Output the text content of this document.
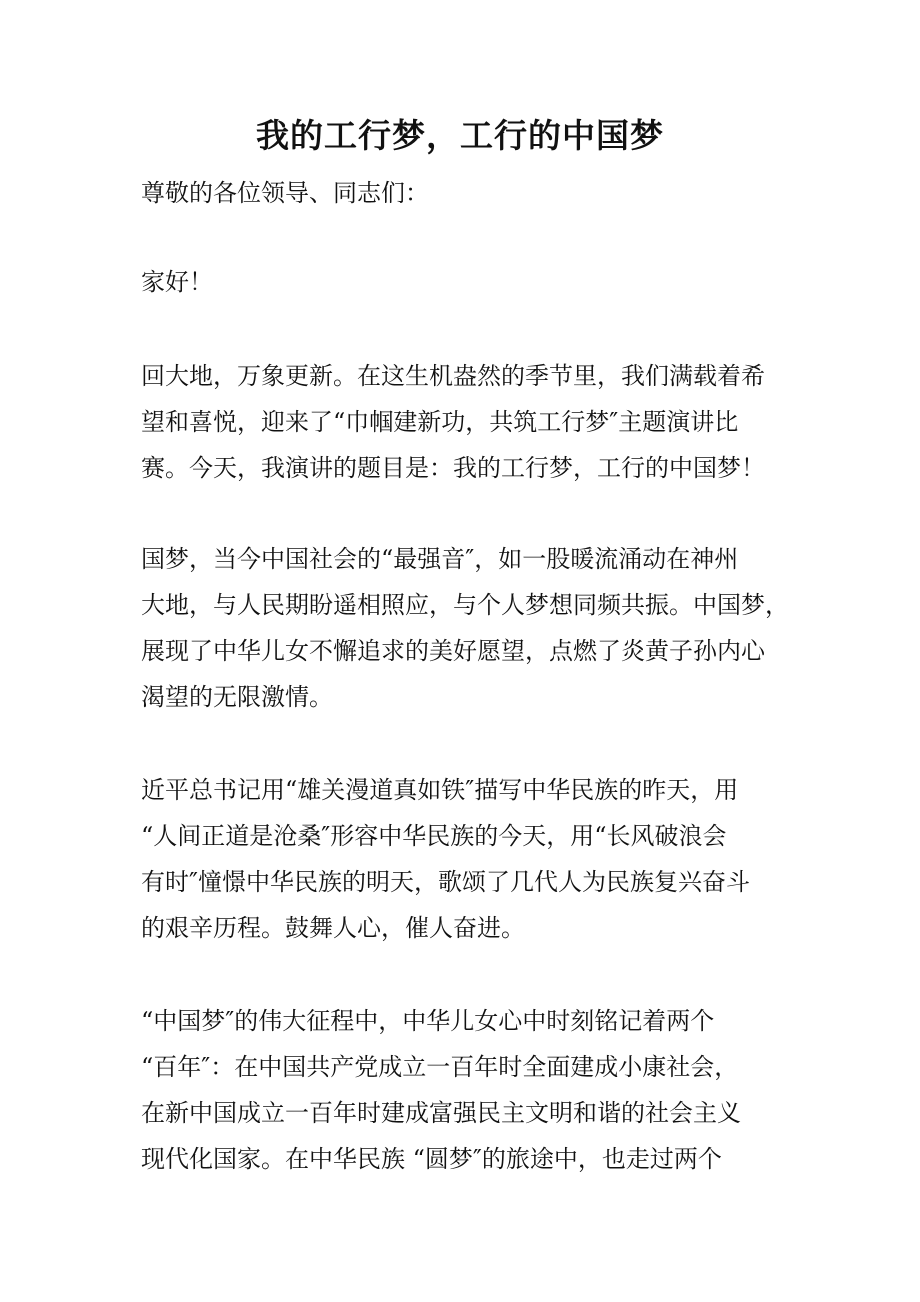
我的工行梦，工行的中国梦

尊敬的各位领导、同志们：

家好！

回大地，万象更新。在这生机盎然的季节里，我们满载着希
望和喜悦，迎来了“巾帼建新功，共筑工行梦″主题演讲比
赛。今天，我演讲的题目是：我的工行梦，工行的中国梦！

国梦，当今中国社会的“最强音″，如一股暖流涌动在神州
大地，与人民期盼遥相照应，与个人梦想同频共振。中国梦，
展现了中华儿女不懈追求的美好愿望，点燃了炎黄子孙内心
渴望的无限激情。

近平总书记用“雄关漫道真如铁″描写中华民族的昨天，用
“人间正道是沧桑″形容中华民族的今天，用“长风破浪会
有时″憧憬中华民族的明天，歌颂了几代人为民族复兴奋斗
的艰辛历程。鼓舞人心，催人奋进。

“中国梦″的伟大征程中，中华儿女心中时刻铭记着两个
“百年″：在中国共产党成立一百年时全面建成小康社会，
在新中国成立一百年时建成富强民主文明和谐的社会主义
现代化国家。在中华民族 “圆梦″的旅途中，也走过两个
